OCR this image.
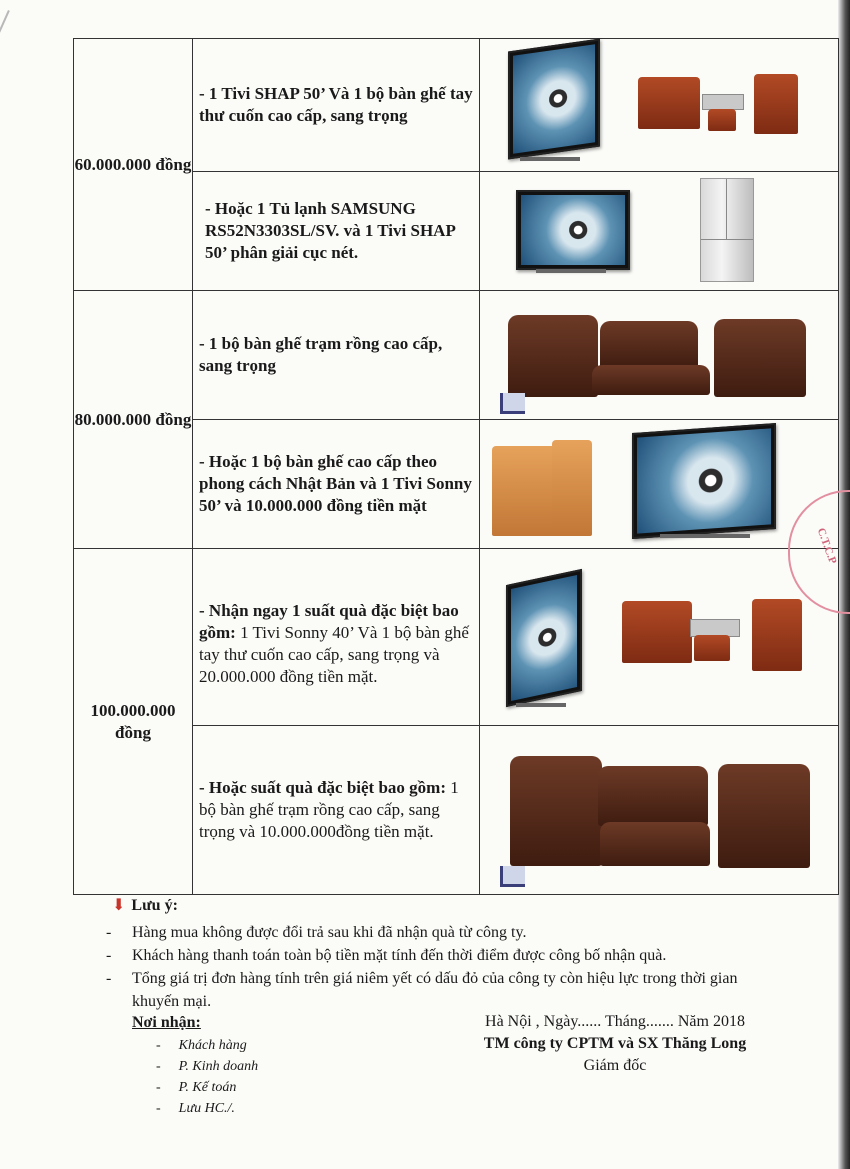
60.000.000 đồng	- 1 Tivi SHAP 50’ Và 1 bộ bàn ghế tay thư cuốn cao cấp, sang trọng	

	- Hoặc 1 Tủ lạnh SAMSUNG RS52N3303SL/SV. và 1 Tivi SHAP 50’ phân giải cục nét.	

80.000.000 đồng	- 1 bộ bàn ghế trạm rồng cao cấp, sang trọng	

	- Hoặc 1 bộ bàn ghế cao cấp theo phong cách Nhật Bản và 1 Tivi Sonny 50’ và 10.000.000 đồng tiền mặt	

100.000.000 đồng	- Nhận ngay 1 suất quà đặc biệt bao gồm: 1 Tivi Sonny 40’ Và 1 bộ bàn ghế tay thư cuốn cao cấp, sang trọng và 20.000.000 đồng tiền mặt.	

	- Hoặc suất quà đặc biệt bao gồm: 1 bộ bàn ghế trạm rồng cao cấp, sang trọng và 10.000.000đồng tiền mặt.	
⬇ Lưu ý:
- Hàng mua không được đổi trả sau khi đã nhận quà từ công ty.
- Khách hàng thanh toán toàn bộ tiền mặt tính đến thời điểm được công bố nhận quà.
- Tổng giá trị đơn hàng tính trên giá niêm yết có dấu đỏ của công ty còn hiệu lực trong thời gian khuyến mại.
Nơi nhận:
- Khách hàng
- P. Kinh doanh
- P. Kế toán
- Lưu HC./.
Hà Nội , Ngày...... Tháng....... Năm 2018
TM công ty CPTM và SX Thăng Long
Giám đốc
C.T.C.P
